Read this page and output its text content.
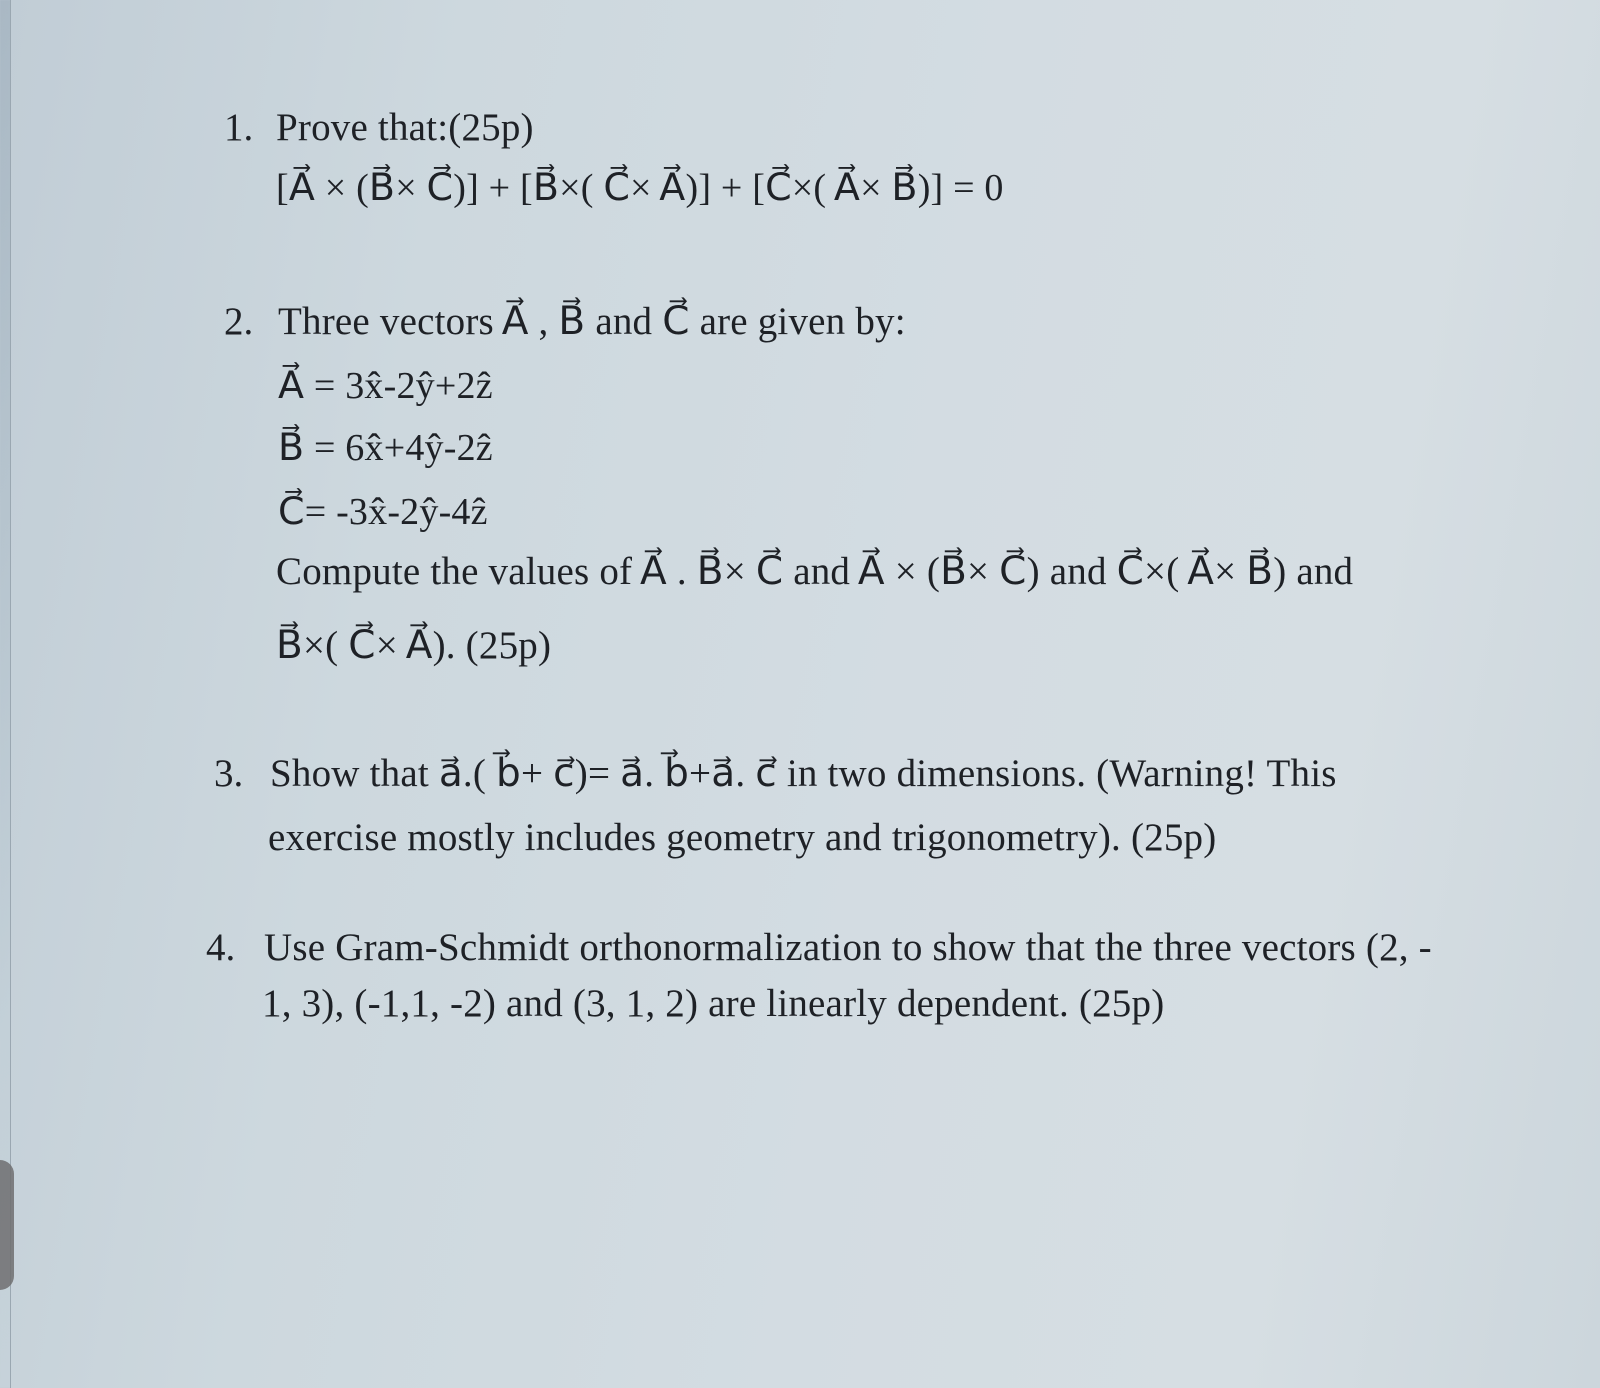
1. Prove that:(25p)
[A⃗ × (B⃗× C⃗)] + [B⃗×( C⃗× A⃗)] + [C⃗×( A⃗× B⃗)] = 0
2. Three vectors A⃗ , B⃗ and C⃗ are given by:
A⃗ = 3x̂-2ŷ+2ẑ
B⃗ = 6x̂+4ŷ-2ẑ
C⃗= -3x̂-2ŷ-4ẑ
Compute the values of A⃗ . B⃗× C⃗ and A⃗ × (B⃗× C⃗) and C⃗×( A⃗× B⃗) and
B⃗×( C⃗× A⃗). (25p)
3. Show that a⃗.( b⃗+ c⃗)= a⃗. b⃗+a⃗. c⃗ in two dimensions. (Warning! This
exercise mostly includes geometry and trigonometry). (25p)
4. Use Gram-Schmidt orthonormalization to show that the three vectors (2, -
1, 3), (-1,1, -2) and (3, 1, 2) are linearly dependent. (25p)
